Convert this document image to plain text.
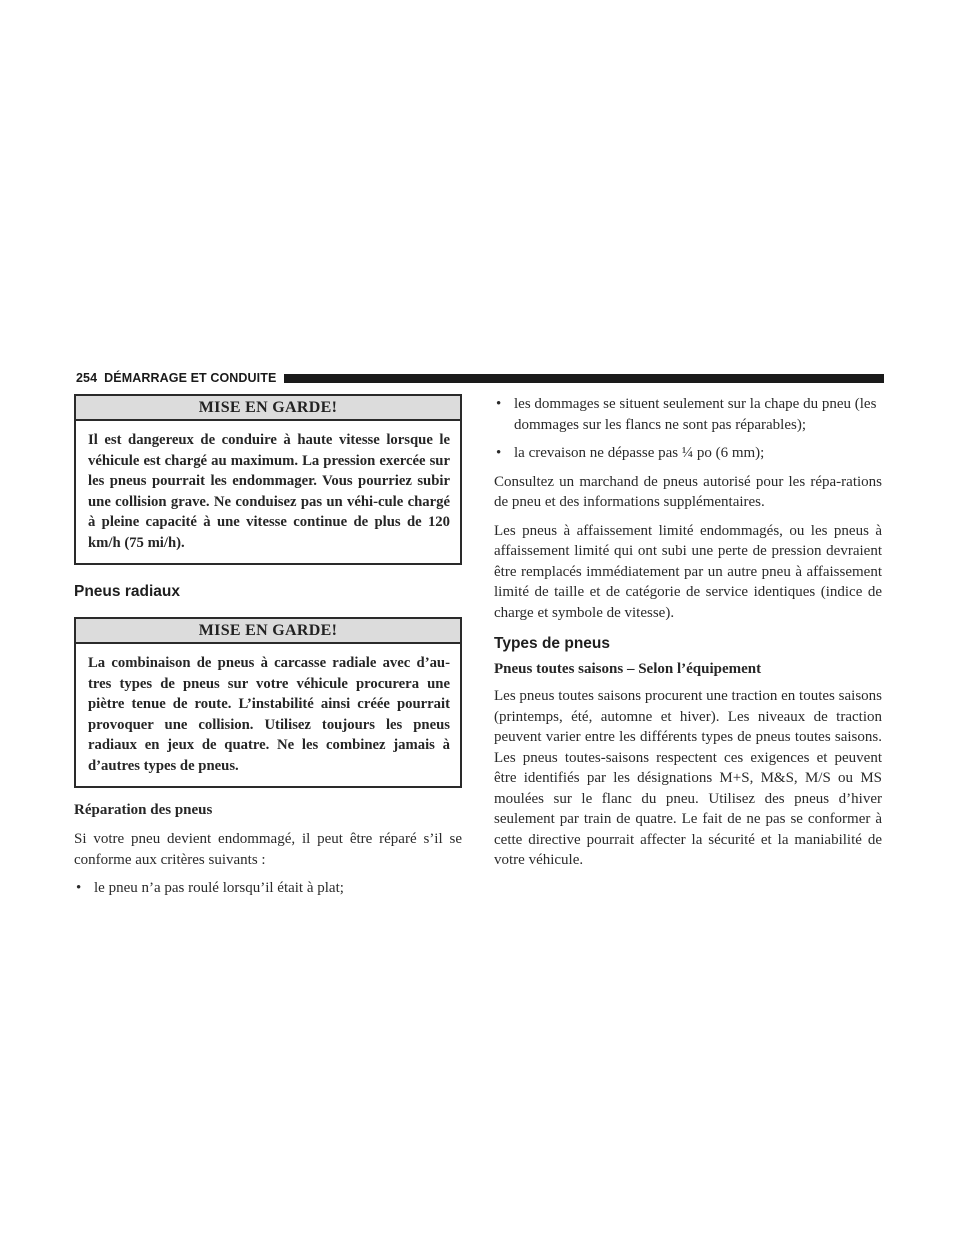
254 DÉMARRAGE ET CONDUITE
MISE EN GARDE!
Il est dangereux de conduire à haute vitesse lorsque le véhicule est chargé au maximum. La pression exercée sur les pneus pourrait les endommager. Vous pourriez subir une collision grave. Ne conduisez pas un véhi-cule chargé à pleine capacité à une vitesse continue de plus de 120 km/h (75 mi/h).
Pneus radiaux
MISE EN GARDE!
La combinaison de pneus à carcasse radiale avec d’au-tres types de pneus sur votre véhicule procurera une piètre tenue de route. L’instabilité ainsi créée pourrait provoquer une collision. Utilisez toujours les pneus radiaux en jeux de quatre. Ne les combinez jamais à d’autres types de pneus.
Réparation des pneus

Si votre pneu devient endommagé, il peut être réparé s’il se conforme aux critères suivants :

• le pneu n’a pas roulé lorsqu’il était à plat;
• les dommages se situent seulement sur la chape du pneu (les dommages sur les flancs ne sont pas réparables);
• la crevaison ne dépasse pas ¼ po (6 mm);

Consultez un marchand de pneus autorisé pour les répa-rations de pneu et des informations supplémentaires.

Les pneus à affaissement limité endommagés, ou les pneus à affaissement limité qui ont subi une perte de pression devraient être remplacés immédiatement par un autre pneu à affaissement limité de taille et de catégorie de service identiques (indice de charge et symbole de vitesse).

Types de pneus
Pneus toutes saisons – Selon l’équipement

Les pneus toutes saisons procurent une traction en toutes saisons (printemps, été, automne et hiver). Les niveaux de traction peuvent varier entre les différents types de pneus toutes saisons. Les pneus toutes-saisons respectent ces exigences et peuvent être identifiés par les désignations M+S, M&S, M/S ou MS moulées sur le flanc du pneu. Utilisez des pneus d’hiver seulement par train de quatre. Le fait de ne pas se conformer à cette directive pourrait affecter la sécurité et la maniabilité de votre véhicule.
